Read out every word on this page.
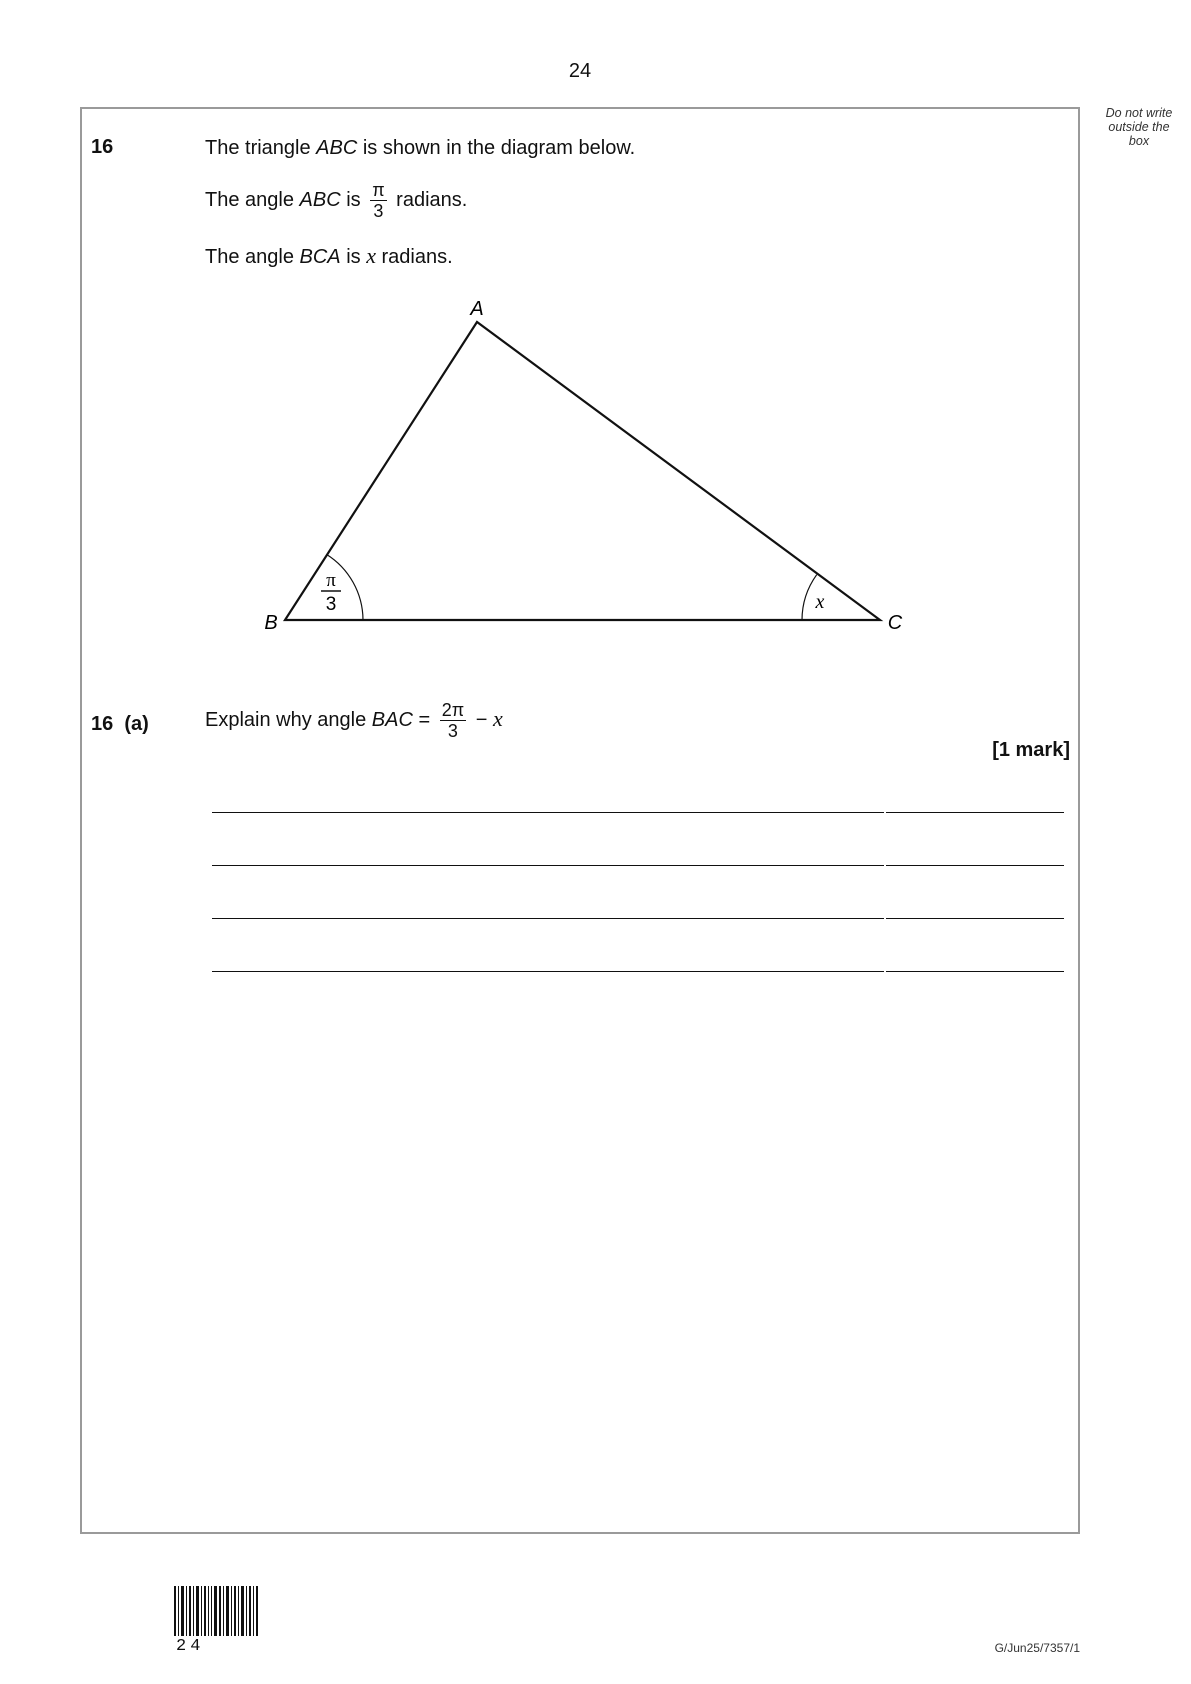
24
Do not write
outside the
box
16	The triangle ABC is shown in the diagram below.
The angle ABC is $\frac{\pi}{3}$ radians.
The angle BCA is x radians.
A
B	C
π
3	x
16 (a)	Explain why angle BAC = $\frac{2\pi}{3} - x$
[1 mark]
24	G/Jun25/7357/1
